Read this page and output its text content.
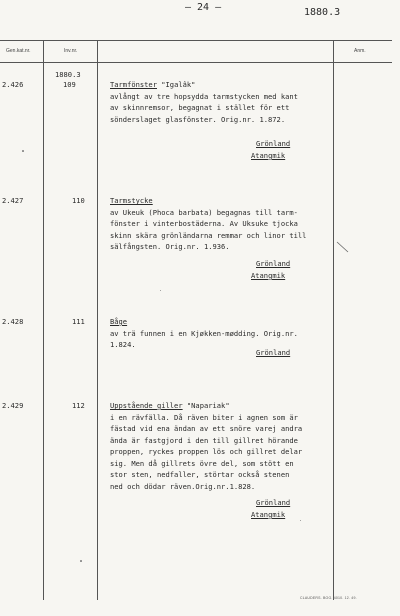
– 24 –	1880.3
Gen.kat.nr.	Inv.nr.	Anm.
1880.3
2.426	109	Tarmfönster "Igalâk"
avlångt av tre hopsydda tarmstycken med kant
av skinnremsor, begagnat i stället för ett
sönderslaget glasfönster. Orig.nr. 1.872.
Grönland
Atangmik
2.427	110	Tarmstycke
av Ukeuk (Phoca barbata) begagnas till tarm-
fönster i vinterbostäderna. Av Uksuke tjocka
skinn skära grönländarna remmar och linor till
sälfångsten. Orig.nr. 1.936.
Grönland
Atangmik
2.428	111	Båge
av trä funnen i en Kjøkken-mødding. Orig.nr.
1.824.
Grönland
2.429	112	Uppstående giller "Napariak"
i en rävfälla. Då räven biter i agnen som är
fästad vid ena ändan av ett snöre varej andra
ända är fastgjord i den till gillret hörande
proppen, ryckes proppen lös och gillret delar
sig. Men då gillrets övre del, som stött en
stor sten, nedfaller, störtar också stenen
ned och dödar räven.Orig.nr.1.828.
Grönland
Atangmik
CLAUDERS. BOG. 4010. 12. 49.
